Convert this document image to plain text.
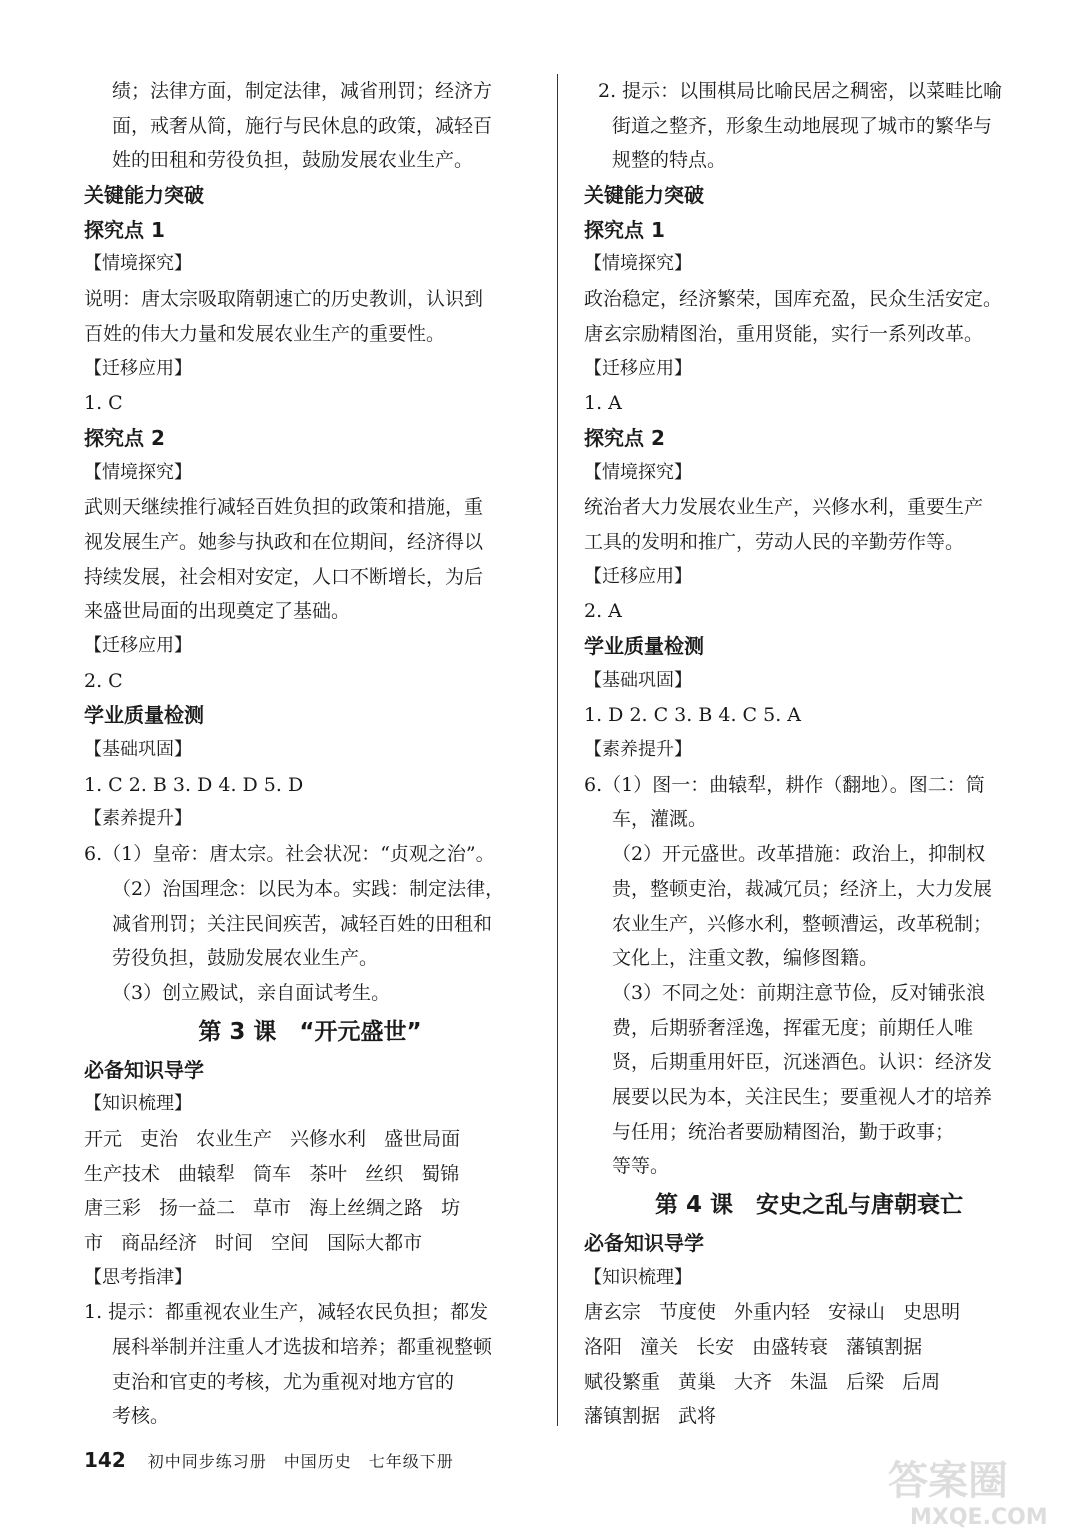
绩；法律方面，制定法律，减省刑罚；经济方
面，戒奢从简，施行与民休息的政策，减轻百
姓的田租和劳役负担，鼓励发展农业生产。
关键能力突破
探究点 1
【情境探究】
说明：唐太宗吸取隋朝速亡的历史教训，认识到
百姓的伟大力量和发展农业生产的重要性。
【迁移应用】
1. C
探究点 2
【情境探究】
武则天继续推行减轻百姓负担的政策和措施，重
视发展生产。她参与执政和在位期间，经济得以
持续发展，社会相对安定，人口不断增长，为后
来盛世局面的出现奠定了基础。
【迁移应用】
2. C
学业质量检测
【基础巩固】
1. C 2. B 3. D 4. D 5. D
【素养提升】
6.（1）皇帝：唐太宗。社会状况：“贞观之治”。
（2）治国理念：以民为本。实践：制定法律，
减省刑罚；关注民间疾苦，减轻百姓的田租和
劳役负担，鼓励发展农业生产。
（3）创立殿试，亲自面试考生。
第 3 课　“开元盛世”
必备知识导学
【知识梳理】
开元 吏治 农业生产 兴修水利 盛世局面
生产技术 曲辕犁 筒车 茶叶 丝织 蜀锦
唐三彩 扬一益二 草市 海上丝绸之路 坊
市 商品经济 时间 空间 国际大都市
【思考指津】
1. 提示：都重视农业生产，减轻农民负担；都发
展科举制并注重人才选拔和培养；都重视整顿
吏治和官吏的考核，尤为重视对地方官的
考核。
2. 提示：以围棋局比喻民居之稠密，以菜畦比喻
街道之整齐，形象生动地展现了城市的繁华与
规整的特点。
关键能力突破
探究点 1
【情境探究】
政治稳定，经济繁荣，国库充盈，民众生活安定。
唐玄宗励精图治，重用贤能，实行一系列改革。
【迁移应用】
1. A
探究点 2
【情境探究】
统治者大力发展农业生产，兴修水利，重要生产
工具的发明和推广，劳动人民的辛勤劳作等。
【迁移应用】
2. A
学业质量检测
【基础巩固】
1. D 2. C 3. B 4. C 5. A
【素养提升】
6.（1）图一：曲辕犁，耕作（翻地）。图二：筒
车，灌溉。
（2）开元盛世。改革措施：政治上，抑制权
贵，整顿吏治，裁减冗员；经济上，大力发展
农业生产，兴修水利，整顿漕运，改革税制；
文化上，注重文教，编修图籍。
（3）不同之处：前期注意节俭，反对铺张浪
费，后期骄奢淫逸，挥霍无度；前期任人唯
贤，后期重用奸臣，沉迷酒色。认识：经济发
展要以民为本，关注民生；要重视人才的培养
与任用；统治者要励精图治，勤于政事；
等等。
第 4 课　安史之乱与唐朝衰亡
必备知识导学
【知识梳理】
唐玄宗 节度使 外重内轻 安禄山 史思明
洛阳 潼关 长安 由盛转衰 藩镇割据
赋役繁重 黄巢 大齐 朱温 后梁 后周
藩镇割据 武将
142 初中同步练习册　中国历史　七年级下册	答案圈
MXQE.COM
